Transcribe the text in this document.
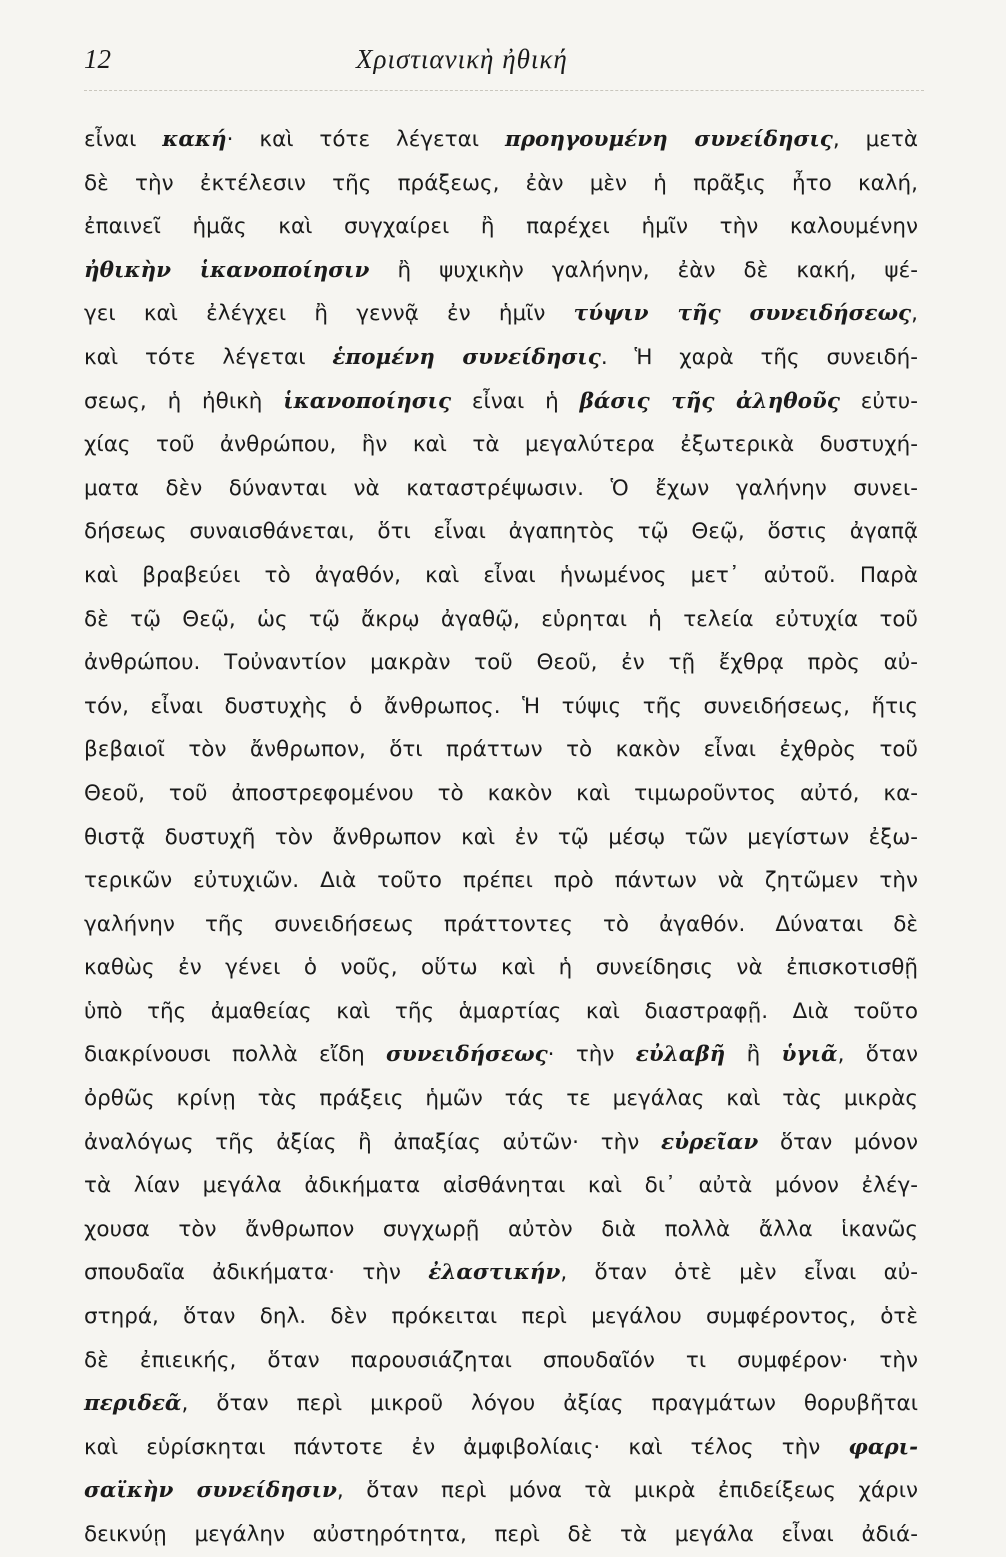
12	Χριστιανικὴ ἠθική
εἶναι κακή· καὶ τότε λέγεται προηγουμένη συνείδησις, μετὰ
δὲ τὴν ἐκτέλεσιν τῆς πράξεως, ἐὰν μὲν ἡ πρᾶξις ἦτο καλή,
ἐπαινεῖ ἡμᾶς καὶ συγχαίρει ἢ παρέχει ἡμῖν τὴν καλουμένην
ἠθικὴν ἱκανοποίησιν ἢ ψυχικὴν γαλήνην, ἐὰν δὲ κακή, ψέ-
γει καὶ ἐλέγχει ἢ γεννᾷ ἐν ἡμῖν τύψιν τῆς συνειδήσεως,
καὶ τότε λέγεται ἑπομένη συνείδησις. Ἡ χαρὰ τῆς συνειδή-
σεως, ἡ ἠθικὴ ἱκανοποίησις εἶναι ἡ βάσις τῆς ἀληθοῦς εὐτυ-
χίας τοῦ ἀνθρώπου, ἣν καὶ τὰ μεγαλύτερα ἐξωτερικὰ δυστυχή-
ματα δὲν δύνανται νὰ καταστρέψωσιν. Ὁ ἔχων γαλήνην συνει-
δήσεως συναισθάνεται, ὅτι εἶναι ἀγαπητὸς τῷ Θεῷ, ὅστις ἀγαπᾷ
καὶ βραβεύει τὸ ἀγαθόν, καὶ εἶναι ἡνωμένος μετ᾽ αὐτοῦ. Παρὰ
δὲ τῷ Θεῷ, ὡς τῷ ἄκρῳ ἀγαθῷ, εὑρηται ἡ τελεία εὐτυχία τοῦ
ἀνθρώπου. Τοὐναντίον μακρὰν τοῦ Θεοῦ, ἐν τῇ ἔχθρᾳ πρὸς αὐ-
τόν, εἶναι δυστυχὴς ὁ ἄνθρωπος. Ἡ τύψις τῆς συνειδήσεως, ἥτις
βεβαιοῖ τὸν ἄνθρωπον, ὅτι πράττων τὸ κακὸν εἶναι ἐχθρὸς τοῦ
Θεοῦ, τοῦ ἀποστρεφομένου τὸ κακὸν καὶ τιμωροῦντος αὐτό, κα-
θιστᾷ δυστυχῆ τὸν ἄνθρωπον καὶ ἐν τῷ μέσῳ τῶν μεγίστων ἐξω-
τερικῶν εὐτυχιῶν. Διὰ τοῦτο πρέπει πρὸ πάντων νὰ ζητῶμεν τὴν
γαλήνην τῆς συνειδήσεως πράττοντες τὸ ἀγαθόν. Δύναται δὲ
καθὼς ἐν γένει ὁ νοῦς, οὕτω καὶ ἡ συνείδησις νὰ ἐπισκοτισθῇ
ὑπὸ τῆς ἀμαθείας καὶ τῆς ἁμαρτίας καὶ διαστραφῇ. Διὰ τοῦτο
διακρίνουσι πολλὰ εἴδη συνειδήσεως· τὴν εὐλαβῆ ἢ ὑγιᾶ, ὅταν
ὀρθῶς κρίνῃ τὰς πράξεις ἡμῶν τάς τε μεγάλας καὶ τὰς μικρὰς
ἀναλόγως τῆς ἀξίας ἢ ἀπαξίας αὐτῶν· τὴν εὐρεῖαν ὅταν μόνον
τὰ λίαν μεγάλα ἀδικήματα αἰσθάνηται καὶ δι᾽ αὐτὰ μόνον ἐλέγ-
χουσα τὸν ἄνθρωπον συγχωρῇ αὐτὸν διὰ πολλὰ ἄλλα ἱκανῶς
σπουδαῖα ἀδικήματα· τὴν ἐλαστικήν, ὅταν ὁτὲ μὲν εἶναι αὐ-
στηρά, ὅταν δηλ. δὲν πρόκειται περὶ μεγάλου συμφέροντος, ὁτὲ
δὲ ἐπιεικής, ὅταν παρουσιάζηται σπουδαῖόν τι συμφέρον· τὴν
περιδεᾶ, ὅταν περὶ μικροῦ λόγου ἀξίας πραγμάτων θορυβῆται
καὶ εὑρίσκηται πάντοτε ἐν ἀμφιβολίαις· καὶ τέλος τὴν φαρι-
σαϊκὴν συνείδησιν, ὅταν περὶ μόνα τὰ μικρὰ ἐπιδείξεως χάριν
δεικνύῃ μεγάλην αὐστηρότητα, περὶ δὲ τὰ μεγάλα εἶναι ἀδιά-
